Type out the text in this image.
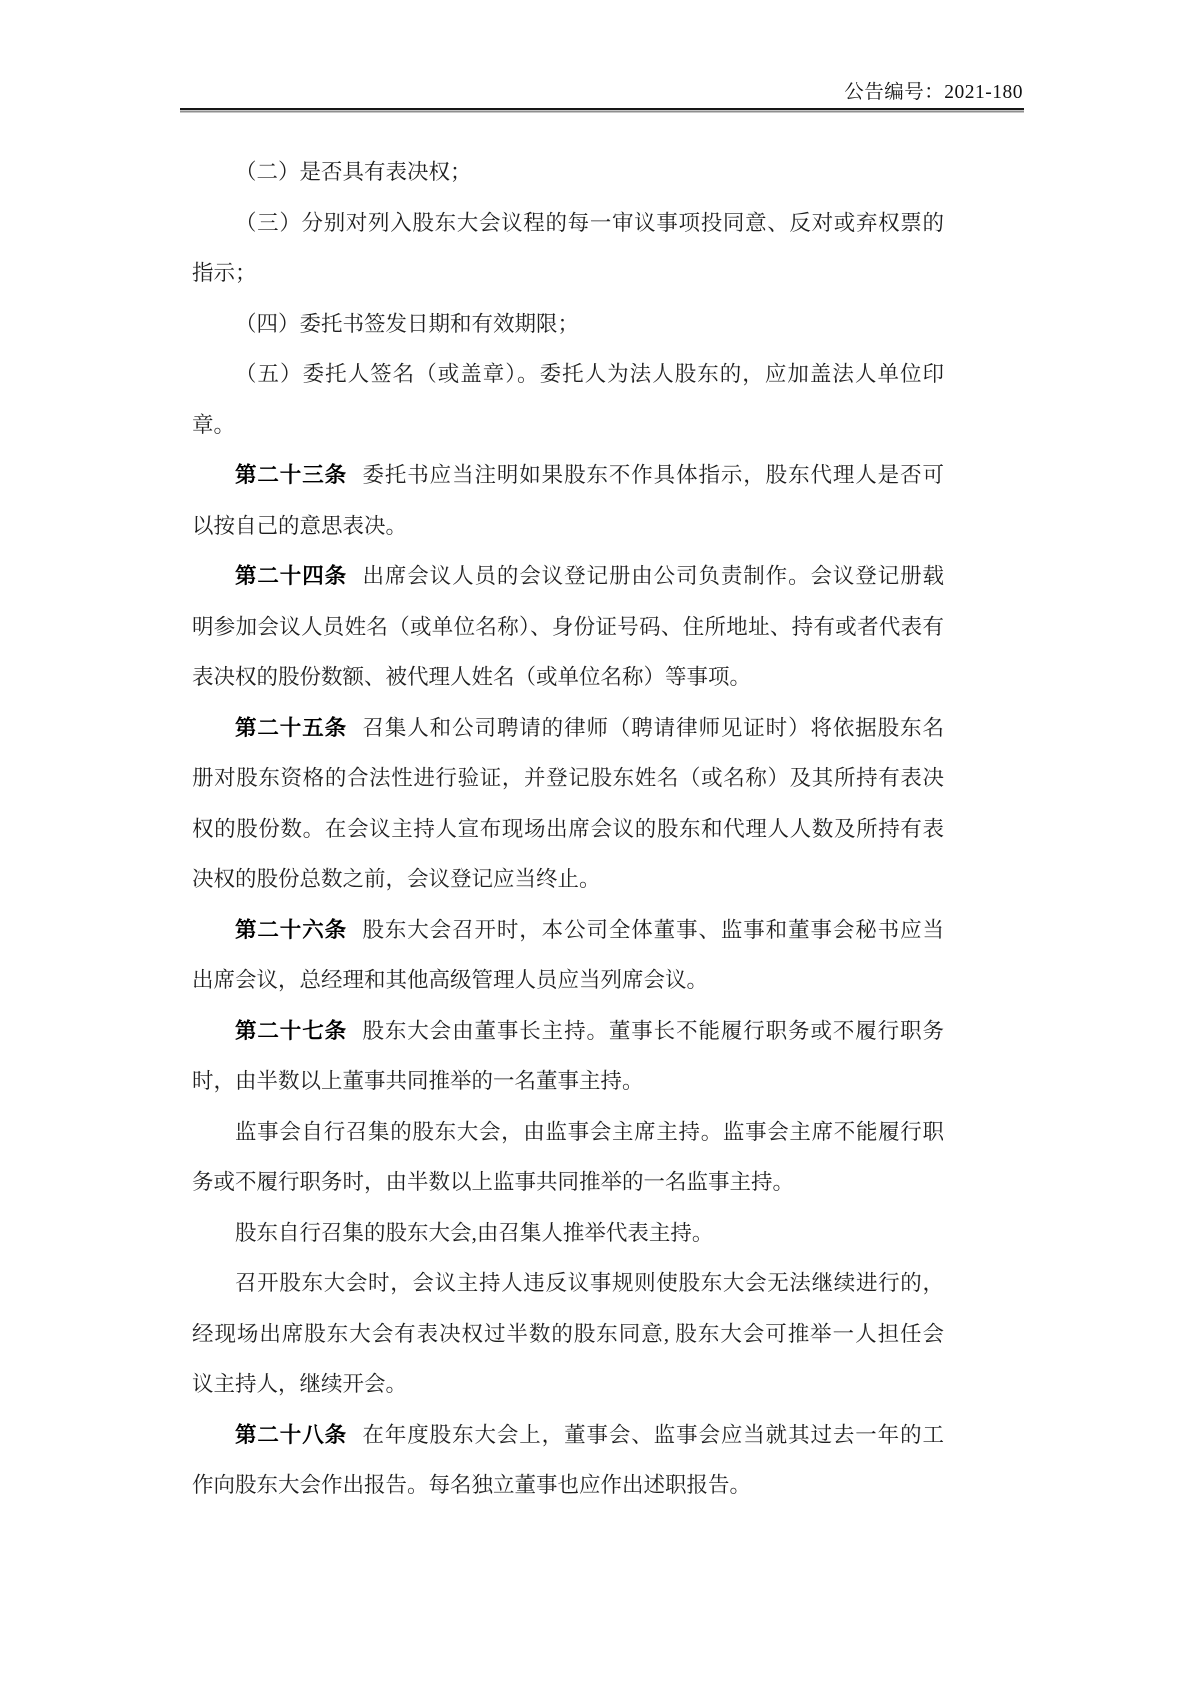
公告编号：2021-180
（二）是否具有表决权；
（三）分别对列入股东大会议程的每一审议事项投同意、反对或弃权票的
指示；
（四）委托书签发日期和有效期限；
（五）委托人签名（或盖章）。委托人为法人股东的，应加盖法人单位印
章。
第二十三条 委托书应当注明如果股东不作具体指示，股东代理人是否可
以按自己的意思表决。
第二十四条 出席会议人员的会议登记册由公司负责制作。会议登记册载
明参加会议人员姓名（或单位名称）、身份证号码、住所地址、持有或者代表有
表决权的股份数额、被代理人姓名（或单位名称）等事项。
第二十五条 召集人和公司聘请的律师（聘请律师见证时）将依据股东名
册对股东资格的合法性进行验证，并登记股东姓名（或名称）及其所持有表决
权的股份数。在会议主持人宣布现场出席会议的股东和代理人人数及所持有表
决权的股份总数之前，会议登记应当终止。
第二十六条 股东大会召开时，本公司全体董事、监事和董事会秘书应当
出席会议，总经理和其他高级管理人员应当列席会议。
第二十七条 股东大会由董事长主持。董事长不能履行职务或不履行职务
时，由半数以上董事共同推举的一名董事主持。
监事会自行召集的股东大会，由监事会主席主持。监事会主席不能履行职
务或不履行职务时，由半数以上监事共同推举的一名监事主持。
股东自行召集的股东大会,由召集人推举代表主持。
召开股东大会时，会议主持人违反议事规则使股东大会无法继续进行的，
经现场出席股东大会有表决权过半数的股东同意, 股东大会可推举一人担任会
议主持人，继续开会。
第二十八条 在年度股东大会上，董事会、监事会应当就其过去一年的工
作向股东大会作出报告。每名独立董事也应作出述职报告。
